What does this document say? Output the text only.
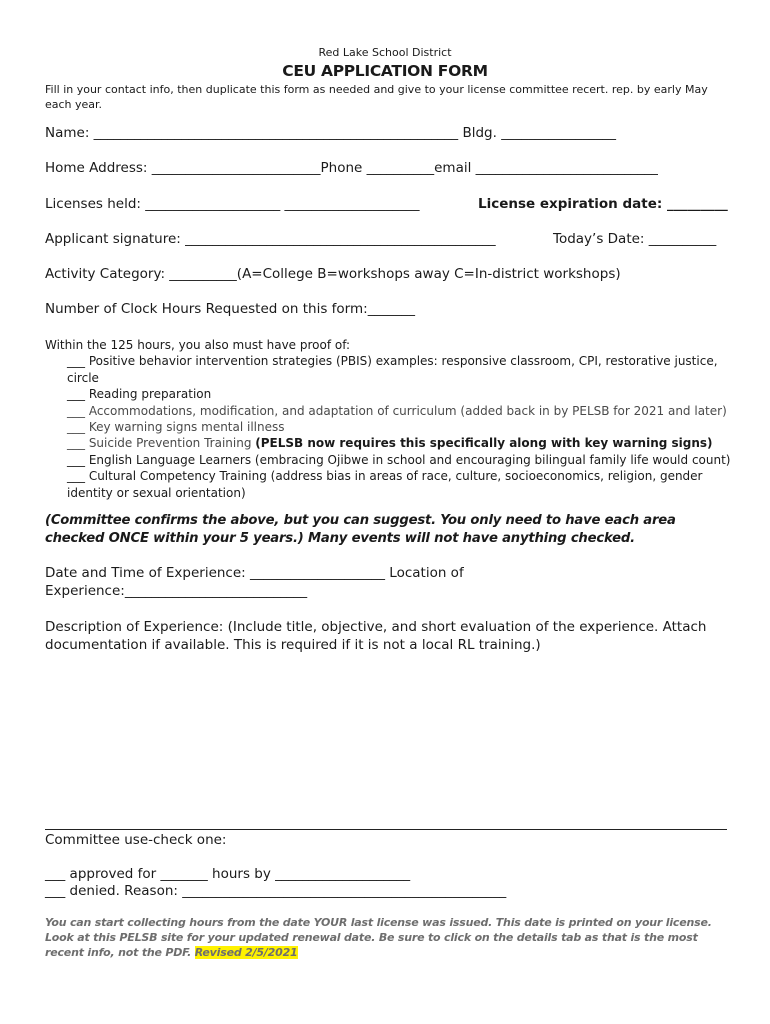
Red Lake School District
CEU APPLICATION FORM
Fill in your contact info, then duplicate this form as needed and give to your license committee recert. rep. by early May each year.
Name: ______________________________________________________ Bldg. _________________
Home Address: _________________________Phone __________email ___________________________
Licenses held: ____________________ ____________________	License expiration date: _________
Applicant signature: ______________________________________________	Today’s Date: __________
Activity Category: __________(A=College B=workshops away C=In-district workshops)
Number of Clock Hours Requested on this form:_______
Within the 125 hours, you also must have proof of:
___ Positive behavior intervention strategies (PBIS) examples: responsive classroom, CPI, restorative justice,
circle
___ Reading preparation
___ Accommodations, modification, and adaptation of curriculum (added back in by PELSB for 2021 and later)
___ Key warning signs mental illness
___ Suicide Prevention Training (PELSB now requires this specifically along with key warning signs)
___ English Language Learners (embracing Ojibwe in school and encouraging bilingual family life would count)
___ Cultural Competency Training (address bias in areas of race, culture, socioeconomics, religion, gender
identity or sexual orientation)
(Committee confirms the above, but you can suggest. You only need to have each area checked ONCE within your 5 years.) Many events will not have anything checked.
Date and Time of Experience: ____________________ Location of
Experience:___________________________
Description of Experience: (Include title, objective, and short evaluation of the experience. Attach documentation if available. This is required if it is not a local RL training.)
Committee use-check one:
___ approved for _______ hours by ____________________
___ denied. Reason: ________________________________________________
You can start collecting hours from the date YOUR last license was issued. This date is printed on your license. Look at this PELSB site for your updated renewal date. Be sure to click on the details tab as that is the most recent info, not the PDF. Revised 2/5/2021
